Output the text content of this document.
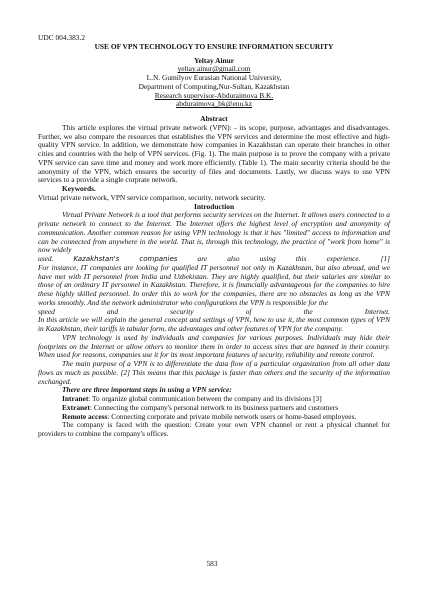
UDC 004.383.2
USE OF VPN TECHNOLOGY TO ENSURE INFORMATION SECURITY
Yeltay Ainur
yeltay.ainur@gmail.com
L.N. Gumilyov Eurasian National University,
Department of Computing,Nur-Sultan, Kazakhstan
Research supervisor-Abduraimova B.K.
abduraimova_bk@enu.kz
Abstract
This article explores the virtual private network (VPN): - its scope, purpose, advantages and disadvantages. Further, we also compare the resources that establishes the VPN services and determine the most effective and high-quality VPN service. In addition, we demonstrate how companies in Kazakhstan can operate their branches in other cities and countries with the help of VPN services. (Fig. 1). The main purpose is to prove the company with a private VPN service can save time and money and work more efficiently. (Table 1). The main security criteria should be the anonymity of the VPN, which ensures the security of files and documents. Lastly, we discuss ways to use VPN services to a provide a single corprate network.
Keywords.
Virtual private network, VPN service comparison, security, network security.
Introduction
Virtual Private Network is a tool that performs security services on the Internet. It allows users connected to a private network to connect to the Internet. The Internet offers the highest level of encryption and anonymity of communication. Another common reason for using VPN technology is that it has "limited" access to information and can be connected from anywhere in the world. That is, through this technology, the practice of "work from home" is now widely
used.	Kazakhstan's	companies	are	also	using	this	experience.	[1]
For instance, IT companies are looking for qualified IT personnel not only in Kazakhstan, but also abroad, and we have met with IT personnel from India and Uzbekistan. They are highly qualified, but their salaries are similar to those of an ordinary IT personnel in Kazakhstan. Therefore, it is financially advantageous for the companies to hire these highly skilled personnel. In order this to work for the companies, there are no obstacles as long as the VPN works smoothly. And the network administrator who configurations the VPN is responsible for the
speed	and	security	of	the	Internet.
In this article we will explain the general concept and settings of VPN, how to use it, the most common types of VPN in Kazakhstan, their tariffs in tabular form, the advantages and other features of VPN for the company.
VPN technology is used by individuals and companies for various purposes. Individuals may hide their footprints on the Internet or allow others to monitor them in order to access sites that are banned in their country. When used for reasons, companies use it for its most important features of security, reliability and remote control.
The main purpose of a VPN is to differentiate the data flow of a particular organization from all other data flows as much as possible. [2] This means that this package is faster than others and the security of the information exchanged.
There are three important steps in using a VPN service:
Intranet: To organize global communication between the company and its divisions [3]
Extranet: Connecting the company's personal network to its business partners and customers
Remote access: Connecting corporate and private mobile network users or home-based employees.
The company is faced with the question: Create your own VPN channel or rent a physical channel for providers to combine the company's offices.
583
